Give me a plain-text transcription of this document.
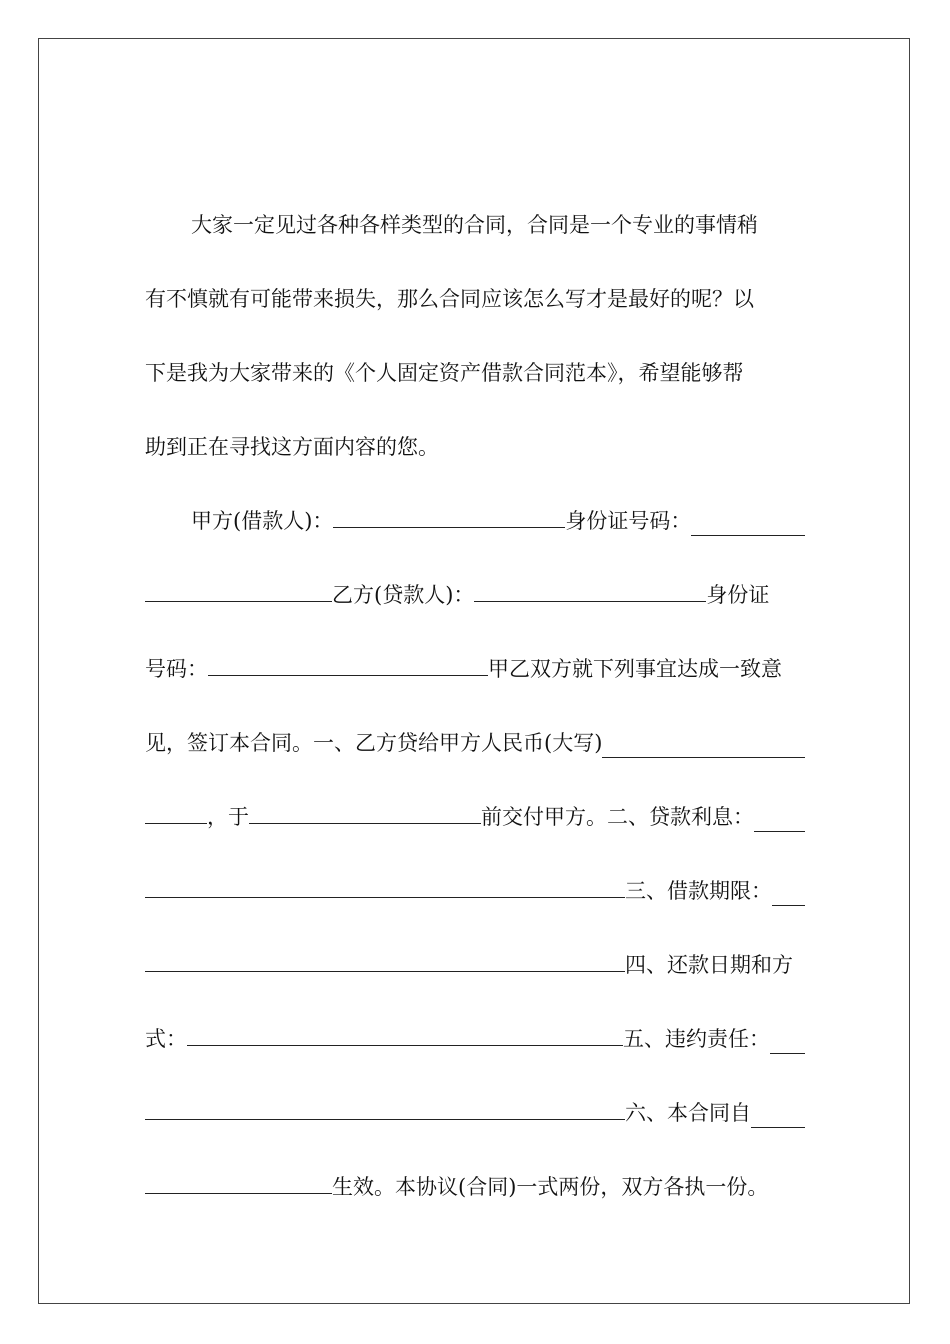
大家一定见过各种各样类型的合同，合同是一个专业的事情稍
有不慎就有可能带来损失，那么合同应该怎么写才是最好的呢？以
下是我为大家带来的《个人固定资产借款合同范本》，希望能够帮
助到正在寻找这方面内容的您。
甲方(借款人)：	身份证号码：
乙方(贷款人)：	身份证
号码：	甲乙双方就下列事宜达成一致意
见，签订本合同。一、乙方贷给甲方人民币(大写)
，于	前交付甲方。二、贷款利息：
三、借款期限：
四、还款日期和方
式：	五、违约责任：
六、本合同自
生效。本协议(合同)一式两份，双方各执一份。
